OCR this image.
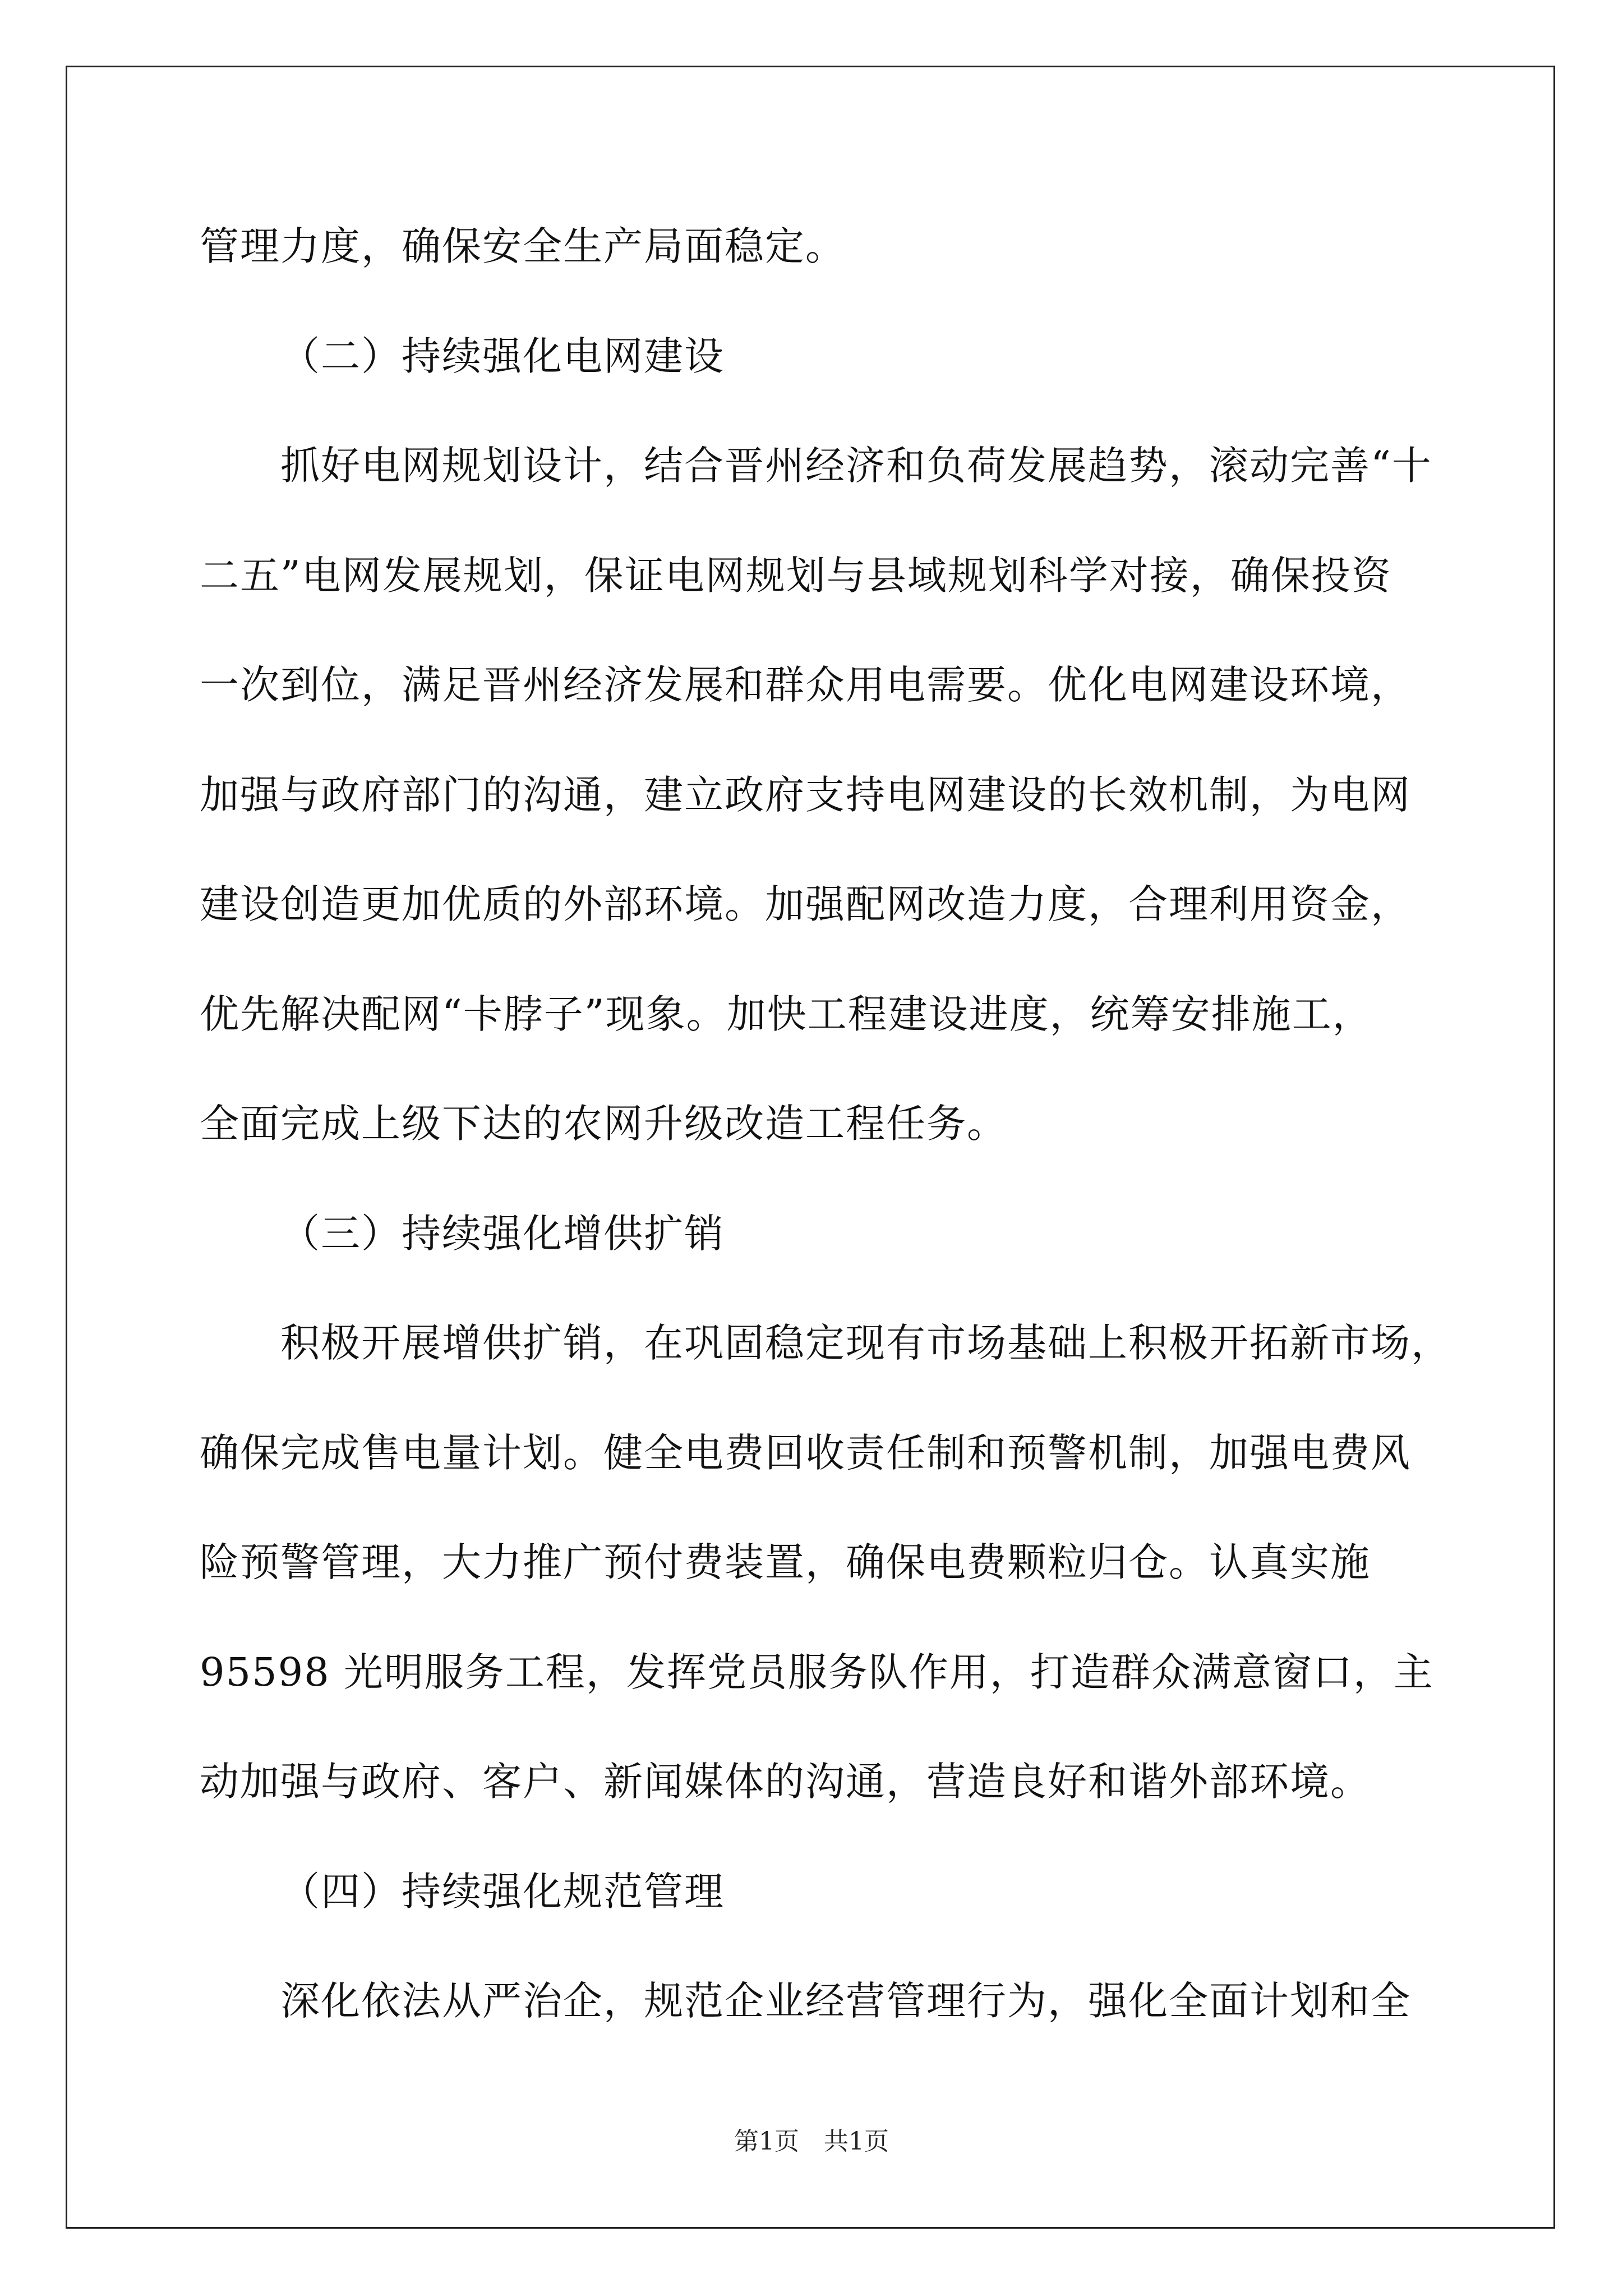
管理力度，确保安全生产局面稳定。
（二）持续强化电网建设
抓好电网规划设计，结合晋州经济和负荷发展趋势，滚动完善“十
二五”电网发展规划，保证电网规划与县域规划科学对接，确保投资
一次到位，满足晋州经济发展和群众用电需要。优化电网建设环境，
加强与政府部门的沟通，建立政府支持电网建设的长效机制，为电网
建设创造更加优质的外部环境。加强配网改造力度，合理利用资金，
优先解决配网“卡脖子”现象。加快工程建设进度，统筹安排施工，
全面完成上级下达的农网升级改造工程任务。
（三）持续强化增供扩销
积极开展增供扩销，在巩固稳定现有市场基础上积极开拓新市场，
确保完成售电量计划。健全电费回收责任制和预警机制，加强电费风
险预警管理，大力推广预付费装置，确保电费颗粒归仓。认真实施
95598 光明服务工程，发挥党员服务队作用，打造群众满意窗口，主
动加强与政府、客户、新闻媒体的沟通，营造良好和谐外部环境。
（四）持续强化规范管理
深化依法从严治企，规范企业经营管理行为，强化全面计划和全
第1页　共1页
